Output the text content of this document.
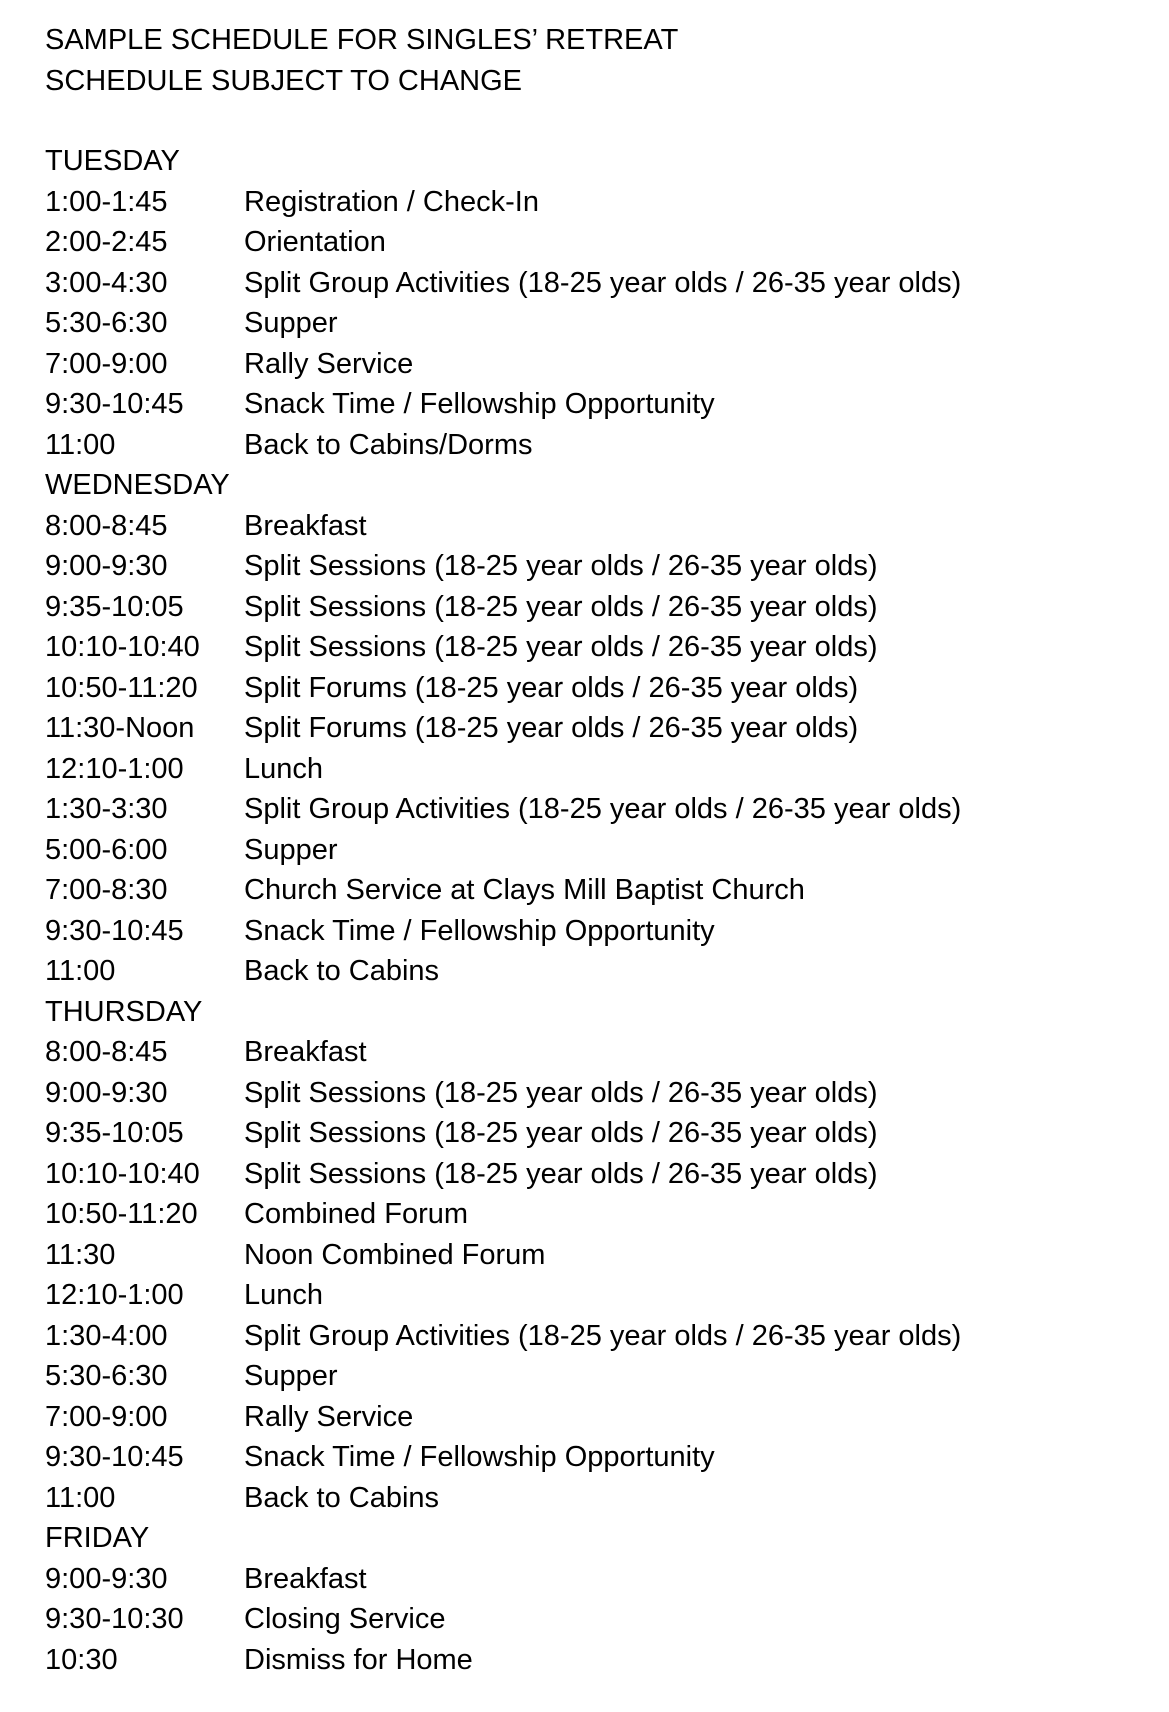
SAMPLE SCHEDULE FOR SINGLES’ RETREAT
SCHEDULE SUBJECT TO CHANGE
TUESDAY
1:00-1:45	Registration / Check-In
2:00-2:45	Orientation
3:00-4:30	Split Group Activities (18-25 year olds / 26-35 year olds)
5:30-6:30	Supper
7:00-9:00	Rally Service
9:30-10:45	Snack Time / Fellowship Opportunity
11:00	Back to Cabins/Dorms
WEDNESDAY
8:00-8:45	Breakfast
9:00-9:30	Split Sessions (18-25 year olds / 26-35 year olds)
9:35-10:05	Split Sessions (18-25 year olds / 26-35 year olds)
10:10-10:40	Split Sessions (18-25 year olds / 26-35 year olds)
10:50-11:20	Split Forums (18-25 year olds / 26-35 year olds)
11:30-Noon	Split Forums (18-25 year olds / 26-35 year olds)
12:10-1:00	Lunch
1:30-3:30	Split Group Activities (18-25 year olds / 26-35 year olds)
5:00-6:00	Supper
7:00-8:30	Church Service at Clays Mill Baptist Church
9:30-10:45	Snack Time / Fellowship Opportunity
11:00	Back to Cabins
THURSDAY
8:00-8:45	Breakfast
9:00-9:30	Split Sessions (18-25 year olds / 26-35 year olds)
9:35-10:05	Split Sessions (18-25 year olds / 26-35 year olds)
10:10-10:40	Split Sessions (18-25 year olds / 26-35 year olds)
10:50-11:20	Combined Forum
11:30	Noon Combined Forum
12:10-1:00	Lunch
1:30-4:00	Split Group Activities (18-25 year olds / 26-35 year olds)
5:30-6:30	Supper
7:00-9:00	Rally Service
9:30-10:45	Snack Time / Fellowship Opportunity
11:00	Back to Cabins
FRIDAY
9:00-9:30	Breakfast
9:30-10:30	Closing Service
10:30	Dismiss for Home
